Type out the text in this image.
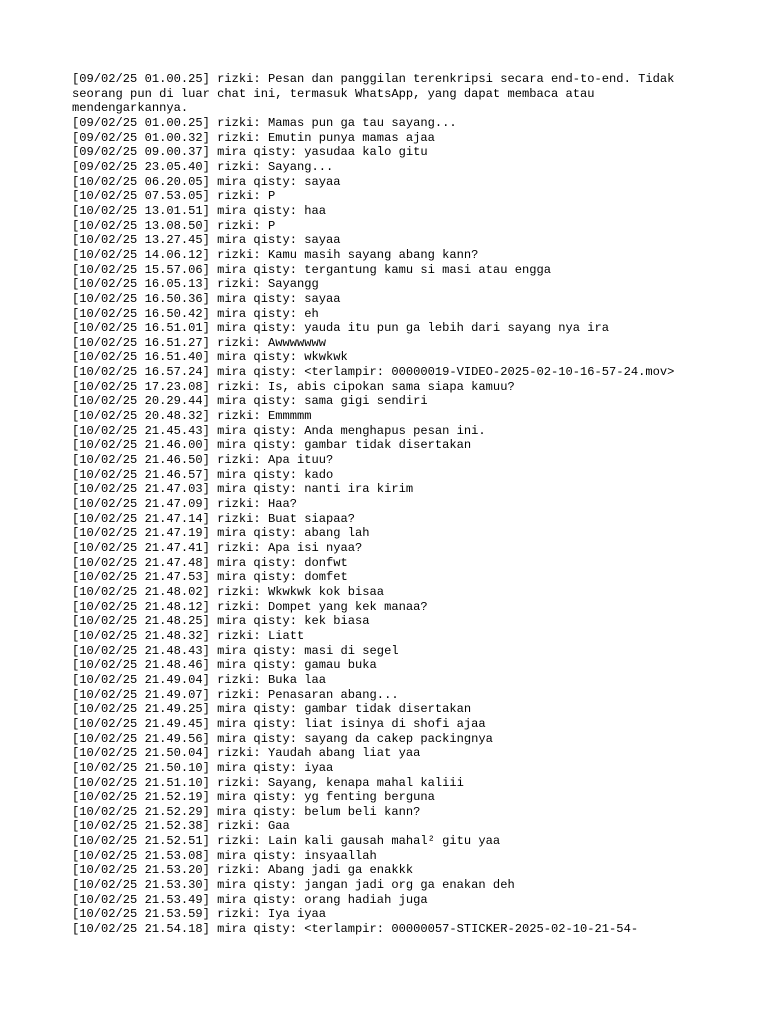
[09/02/25 01.00.25] rizki: Pesan dan panggilan terenkripsi secara end-to-end. Tidak
seorang pun di luar chat ini, termasuk WhatsApp, yang dapat membaca atau
mendengarkannya.
[09/02/25 01.00.25] rizki: Mamas pun ga tau sayang...
[09/02/25 01.00.32] rizki: Emutin punya mamas ajaa
[09/02/25 09.00.37] mira qisty: yasudaa kalo gitu
[09/02/25 23.05.40] rizki: Sayang...
[10/02/25 06.20.05] mira qisty: sayaa
[10/02/25 07.53.05] rizki: P
[10/02/25 13.01.51] mira qisty: haa
[10/02/25 13.08.50] rizki: P
[10/02/25 13.27.45] mira qisty: sayaa
[10/02/25 14.06.12] rizki: Kamu masih sayang abang kann?
[10/02/25 15.57.06] mira qisty: tergantung kamu si masi atau engga
[10/02/25 16.05.13] rizki: Sayangg
[10/02/25 16.50.36] mira qisty: sayaa
[10/02/25 16.50.42] mira qisty: eh
[10/02/25 16.51.01] mira qisty: yauda itu pun ga lebih dari sayang nya ira
[10/02/25 16.51.27] rizki: Awwwwwww
[10/02/25 16.51.40] mira qisty: wkwkwk
[10/02/25 16.57.24] mira qisty: <terlampir: 00000019-VIDEO-2025-02-10-16-57-24.mov>
[10/02/25 17.23.08] rizki: Is, abis cipokan sama siapa kamuu?
[10/02/25 20.29.44] mira qisty: sama gigi sendiri
[10/02/25 20.48.32] rizki: Emmmmm
[10/02/25 21.45.43] mira qisty: Anda menghapus pesan ini.
[10/02/25 21.46.00] mira qisty: gambar tidak disertakan
[10/02/25 21.46.50] rizki: Apa ituu?
[10/02/25 21.46.57] mira qisty: kado
[10/02/25 21.47.03] mira qisty: nanti ira kirim
[10/02/25 21.47.09] rizki: Haa?
[10/02/25 21.47.14] rizki: Buat siapaa?
[10/02/25 21.47.19] mira qisty: abang lah
[10/02/25 21.47.41] rizki: Apa isi nyaa?
[10/02/25 21.47.48] mira qisty: donfwt
[10/02/25 21.47.53] mira qisty: domfet
[10/02/25 21.48.02] rizki: Wkwkwk kok bisaa
[10/02/25 21.48.12] rizki: Dompet yang kek manaa?
[10/02/25 21.48.25] mira qisty: kek biasa
[10/02/25 21.48.32] rizki: Liatt
[10/02/25 21.48.43] mira qisty: masi di segel
[10/02/25 21.48.46] mira qisty: gamau buka
[10/02/25 21.49.04] rizki: Buka laa
[10/02/25 21.49.07] rizki: Penasaran abang...
[10/02/25 21.49.25] mira qisty: gambar tidak disertakan
[10/02/25 21.49.45] mira qisty: liat isinya di shofi ajaa
[10/02/25 21.49.56] mira qisty: sayang da cakep packingnya
[10/02/25 21.50.04] rizki: Yaudah abang liat yaa
[10/02/25 21.50.10] mira qisty: iyaa
[10/02/25 21.51.10] rizki: Sayang, kenapa mahal kaliii
[10/02/25 21.52.19] mira qisty: yg fenting berguna
[10/02/25 21.52.29] mira qisty: belum beli kann?
[10/02/25 21.52.38] rizki: Gaa
[10/02/25 21.52.51] rizki: Lain kali gausah mahal² gitu yaa
[10/02/25 21.53.08] mira qisty: insyaallah
[10/02/25 21.53.20] rizki: Abang jadi ga enakkk
[10/02/25 21.53.30] mira qisty: jangan jadi org ga enakan deh
[10/02/25 21.53.49] mira qisty: orang hadiah juga
[10/02/25 21.53.59] rizki: Iya iyaa
[10/02/25 21.54.18] mira qisty: <terlampir: 00000057-STICKER-2025-02-10-21-54-
